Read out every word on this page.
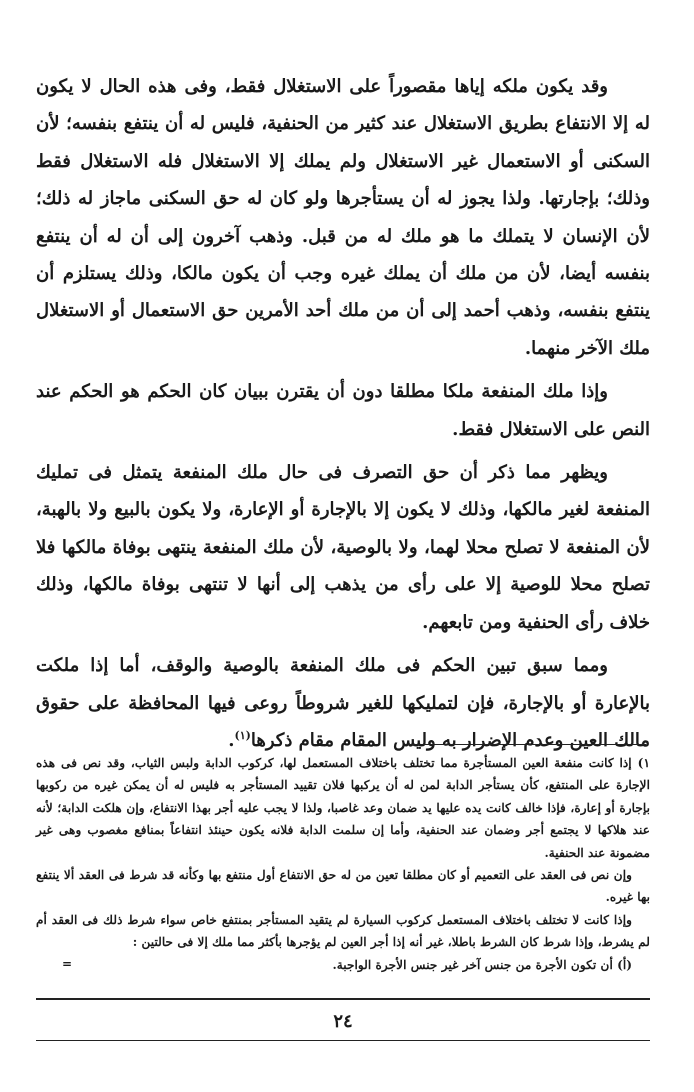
وقد يكون ملكه إياها مقصوراً على الاستغلال فقط، وفى هذه الحال لا يكون له إلا الانتفاع بطريق الاستغلال عند كثير من الحنفية، فليس له أن ينتفع بنفسه؛ لأن السكنى أو الاستعمال غير الاستغلال ولم يملك إلا الاستغلال فله الاستغلال فقط وذلك؛ بإجارتها. ولذا يجوز له أن يستأجرها ولو كان له حق السكنى ماجاز له ذلك؛لأن الإنسان لا يتملك ما هو ملك له من قبل. وذهب آخرون إلى أن له أن ينتفع بنفسه أيضا، لأن من ملك أن يملك غيره وجب أن يكون مالكا، وذلك يستلزم أن ينتفع بنفسه، وذهب أحمد إلى أن من ملك أحد الأمرين حق الاستعمال أو الاستغلال ملك الآخر منهما.

وإذا ملك المنفعة ملكا مطلقا دون أن يقترن ببيان كان الحكم هو الحكم عند النص على الاستغلال فقط.

ويظهر مما ذكر أن حق التصرف فى حال ملك المنفعة يتمثل فى تمليك المنفعة لغير مالكها، وذلك لا يكون إلا بالإجارة أو الإعارة، ولا يكون بالبيع ولا بالهبة، لأن المنفعة لا تصلح محلا لهما، ولا بالوصية، لأن ملك المنفعة ينتهى بوفاة مالكها فلا تصلح محلا للوصية إلا على رأى من يذهب إلى أنها لا تنتهى بوفاة مالكها، وذلك خلاف رأى الحنفية ومن تابعهم.

ومما سبق تبين الحكم فى ملك المنفعة بالوصية والوقف، أما إذا ملكت بالإعارة أو بالإجارة، فإن لتمليكها للغير شروطاً روعى فيها المحافظة على حقوق مالك العين وعدم الإضرار به وليس المقام مقام ذكرها$^{(١)}$.

١)إذا كانت منفعة العين المستأجرة مما تختلف باختلاف المستعمل لها، كركوب الدابة ولبس الثياب، وقد نص فى هذه الإجارة على المنتفع، كأن يستأجر الدابة لمن له أن يركبها فلان تقييد المستأجر به فليس له أن يمكن غيره من ركوبها بإجارة أو إعارة، فإذا خالف كانت يده عليها يد ضمان وعد غاصبا، ولذا لا يجب عليه أجر بهذا الانتفاع، وإن هلكت الدابة؛ لأنه عند هلاكها لا يجتمع أجر وضمان عند الحنفية، وأما إن سلمت الدابة فلانه يكون حينئذ انتفاعاً بمنافع مغصوب وهى غير مضمونة عند الحنفية.

وإن نص فى العقد على التعميم أو كان مطلقا تعين من له حق الانتفاع أول منتفع بها وكأنه قد شرط فى العقد ألا ينتفع بها غيره.

وإذا كانت لا تختلف باختلاف المستعمل كركوب السيارة لم يتقيد المستأجر بمنتفع خاص سواء شرط ذلك فى العقد أم لم يشرط، وإذا شرط كان الشرط باطلا، غير أنه إذا أجر العين لم يؤجرها بأكثر مما ملك إلا فى حالتين :

(أ) أن تكون الأجرة من جنس آخر غير جنس الأجرة الواجبة.
=

٢٤
